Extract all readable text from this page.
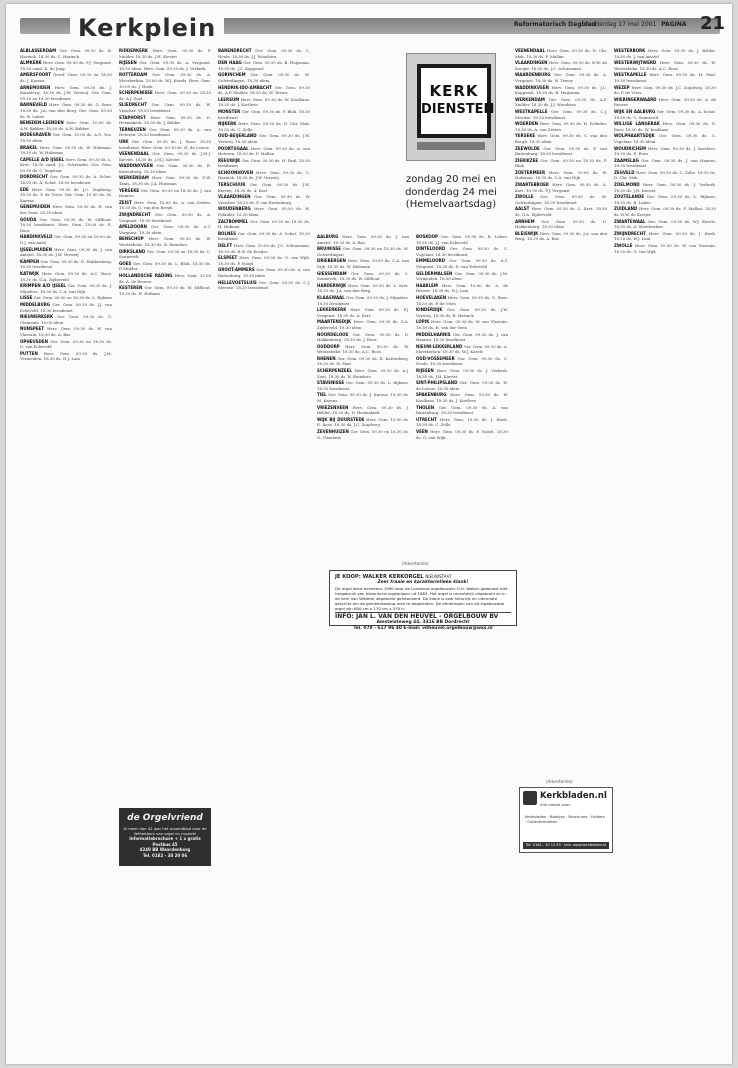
Kerkplein	Reformatorisch Dagblad
donderdag 17 mei 2001 PAGINA 21

ALBLASSERDAM Ger. Gem. 09.30 ds. B. Harinck. 18.30 ds. C. Harinck

ALMKERK Herv. Gem. 09.30 ds. P.J. Vergunst. 18.30 cand. K. de Jong

AMERSFOORT Geref. Gem. 09.30 en 18.30 ds. J. Karens

ARNEMUIDEN Herv. Gem. 09.30 ds. J. Kamsteeg. 18.30 ds. J.W. Verweij. Ger. Gem. 09.30 en 18.30 leesdienst

BARNEVELD Herv. Gem. 09.30 ds. G. Boer. 18.30 ds. J.A. van den Berg. Ger. Gem. 09.30 ds. B. Labee

BENEDEN-LEENDEN Herv. Gem. 10.00 ds. A.W. Bakker. 18.30 ds. A.W. Bakker

BODEGRAVEN Ger. Gem. 10.00 ds. A.G. Vos. 18.00 idem

BRAKEL Herv. Gem. 09.30 ds. W. Hulsman. 18.30 ds. W. Hulsman

CAPELLE A/D IJSSEL Herv. Gem. 09.30 ds. L. Kret. 18.30 cand. J.L. Schreuder. Ger. Gem. 09.30 ds. C. Vogelaar

DORDRECHT Ger. Gem. 09.30 ds. A. Schot. 14.00 ds. A. Schot. 18.00 leesdienst

EDE Herv. Gem. 09.30 ds. J.C. Zuijdweg. 18.30 ds. P. de Vries. Ger. Gem. 10.00 ds. M. Karens

GENEMUIDEN Herv. Gem. 09.30 ds. H. van der Veen. 18.30 idem

GOUDA Ger. Gem. 09.30 ds. W. Silfhout. 18.30 leesdienst. Herv. Gem. 10.00 ds. E. Roos

HARDINXVELD Ger. Gem. 09.30 en 18.00 ds. G.J. van Aalst

IJSSELMUIDEN Herv. Gem. 09.30 ds. J. van Amstel. 18.30 ds. J.W. Verweij

KAMPEN Ger. Gem. 09.30 ds. D. Hakkenberg. 18.30 leesdienst

KATWIJK Herv. Gem. 09.30 ds. A.C. Roos. 18.30 ds. G.A. Zijderveld

KRIMPEN A/D IJSSEL Ger. Gem. 09.30 ds. J. Mijnders. 18.30 ds. C.A. van Dijk

LISSE Ger. Gem. 09.30 en 18.30 ds. L. Rijksen

MIDDELBURG Ger. Gem. 09.30 ds. J.J. van Eckeveld. 18.30 leesdienst

NIEUWERKERK Ger. Gem. 09.30 ds. G. Clements. 18.00 idem

NUNSPEET Herv. Gem. 09.30 ds. W. van Vlastuin. 18.30 ds. A. Bas

OPHEUSDEN Ger. Gem. 09.30 en 18.30 ds. D. van Eckeveld

PUTTEN Herv. Gem. 09.30 ds. J.M. Vermeulen. 18.30 ds. H.J. Lam

RIDDERKERK Herv. Gem. 09.30 ds. P. Mulder. 18.30 ds. J.H. Kieviet

RIJSSEN Ger. Gem. 09.30 ds. A. Vergunst. 18.30 idem. Herv. Gem. 09.30 ds. J. Verkerk

ROTTERDAM Ger. Gem. 09.30 ds. A. Moerkerken. 18.00 ds. W.J. Karels. Herv. Gem. 10.00 ds. J. Hoek

SCHERPENISSE Herv. Gem. 09.30 en 18.30 ds. A.J. Zoet

SLIEDRECHT Ger. Gem. 09.30 ds. W. Visscher. 18.00 leesdienst

STAPHORST Herv. Gem. 09.30 ds. D. Heemskerk. 18.30 ds. J. Belder

TERNEUZEN Ger. Gem. 09.30 ds. A. van Heteren. 18.30 leesdienst

URK Ger. Gem. 09.30 ds. J. Roos. 18.30 leesdienst. Herv. Gem. 09.30 ds. H. de Leeuw

VEENENDAAL Ger. Gem. 09.30 ds. J.M.J. Kieviet. 18.30 ds. J.M.J. Kieviet

WADDINXVEEN Ger. Gem. 09.30 ds. R. Kattenberg. 18.30 idem

WERKENDAM Herv. Gem. 09.30 ds. D.W. Tanis. 18.30 ds. J.A. Huisman

YERSEKE Ger. Gem. 09.30 en 18.30 ds. J. van Haaren

ZEIST Herv. Gem. 10.00 ds. A. van Zetten. 18.30 ds. C. van den Bergh

ZWIJNDRECHT Ger. Gem. 09.30 ds. A. Vergunst. 18.30 leesdienst

APELDOORN Ger. Gem. 09.30 ds. A.T. Vergunst. 18.30 idem

BENSCHOP Herv. Gem. 09.30 ds. W. Westerbeke. 18.30 ds. B. Reinders

DIRKSLAND Ger. Gem. 09.30 en 18.30 ds. C. Sonnevelt

GOES Ger. Gem. 09.30 ds. L. Blok. 18.30 ds. P. Mulder

HOLLANDSCHE RADING Herv. Gem. 10.00 ds. A. de Reuver

KESTEREN Ger. Gem. 09.30 ds. W. Silfhout. 18.30 ds. H. Hofman

BARENDRECHT Ger. Gem. 09.30 ds. C. Neele. 18.30 ds. J.J. Woudstra

DEN HAAG Ger. Gem. 09.30 ds. B. Huijsman. 18.30 ds. J.C. Koppenol

GORINCHEM Ger. Gem. 09.30 ds. M. Golverdingen. 18.30 idem

HENDRIK-IDO-AMBACHT Ger. Gem. 09.30 ds. A.P. Mulder. 18.30 ds. W. Teeuw

LEERSUM Herv. Gem. 09.30 ds. W. Koolhaas. 18.30 ds. J. Kortleve

MONSTER Ger. Gem. 09.30 ds. P. Blok. 18.30 leesdienst

NIJKERK Herv. Gem. 09.30 ds. D. Chr. Mak. 18.30 ds. C. Zelle

OUD-BEIJERLAND Ger. Gem. 09.30 ds. J.W. Verweij. 18.30 idem

POORTUGAAL Herv. Gem. 09.30 ds. A. van Heteren. 18.30 ds. F. Mallan

REEUWIJK Ger. Gem. 09.30 ds. H. Paul. 18.30 leesdienst

SCHOONHOVEN Herv. Gem. 09.30 ds. C. Harinck. 18.30 ds. J.W. Verweij

TERSCHUUR Ger. Gem. 09.30 ds. J.H. Kieviet. 18.30 ds. A. Kort

VLAARDINGEN Ger. Gem. 09.30 ds. W. Visscher. 18.30 ds. P. van Ruitenburg

WOUDENBERG Herv. Gem. 09.30 ds. H. Polinder. 18.30 idem

ZALTBOMMEL Ger. Gem. 09.30 en 18.30 ds. H. Hofman

BOLNES Ger. Gem. 09.30 ds. A. Schot. 18.30 leesdienst

DELFT Herv. Gem. 10.00 ds. J.C. Schuurman. 18.30 ds. R.W. de Koeijer

ELSPEET Herv. Gem. 09.30 ds. G. van Wijk. 18.30 ds. P. Nobel

GROOT-AMMERS Ger. Gem. 09.30 ds. A. van Ruitenburg. 18.30 idem

HELLEVOETSLUIS Ger. Gem. 09.30 ds. C.J. Meeuse. 18.30 leesdienst

AALBURG Herv. Gem. 09.30 ds. J. van Amstel. 18.30 ds. A. Bas

BRUINISSE Ger. Gem. 09.30 en 18.30 ds. M. Golverdingen

DRIEBERGEN Herv. Gem. 10.00 ds. C.A. van Dijk. 18.30 ds. W. Hulsman

GIESSENDAM Ger. Gem. 09.30 ds. C. Sonnevelt. 18.30 ds. W. Silfhout

HARDERWIJK Herv. Gem. 09.30 ds. L. Kret. 18.30 ds. J.A. van den Berg

KLAASWAAL Ger. Gem. 09.30 ds. J. Mijnders. 18.30 leesdienst

LEKKERKERK Herv. Gem. 09.30 ds. P.J. Vergunst. 18.30 ds. A. Kort

MAARTENSDIJK Herv. Gem. 09.30 ds. G.A. Zijderveld. 18.30 idem

NOORDELOOS Ger. Gem. 09.30 ds. D. Hakkenberg. 18.30 ds. J. Roos

OUDDORP Herv. Gem. 09.30 ds. W. Westerbeke. 18.30 ds. A.C. Roos

RHENEN Ger. Gem. 09.30 ds. R. Kattenberg. 18.30 ds. H. Paul

SCHERPENZEEL Herv. Gem. 09.30 ds. A.J. Zoet. 18.30 ds. B. Reinders

STAVENISSE Ger. Gem. 09.30 ds. L. Rijksen. 18.30 leesdienst

TIEL Ger. Gem. 09.30 ds. J. Karens. 18.30 ds. M. Karens

VRIEZENVEEN Herv. Gem. 09.30 ds. J. Belder. 18.30 ds. D. Heemskerk

WIJK BIJ DUURSTEDE Herv. Gem. 10.00 ds. E. Roos. 18.30 ds. J.C. Zuijdweg

ZEVENHUIZEN Ger. Gem. 09.30 en 18.30 ds. G. Clements

BOSKOOP Ger. Gem. 09.30 ds. B. Labee. 18.30 ds. J.J. van Eckeveld

DINTELOORD Ger. Gem. 09.30 ds. C. Vogelaar. 18.30 leesdienst

EMMELOORD Ger. Gem. 09.30 ds. A.T. Vergunst. 18.30 ds. D. van Eckeveld

GELDERMALSEN Ger. Gem. 09.30 ds. J.M. Vermeulen. 18.30 idem

HAARLEM Herv. Gem. 10.00 ds. A. de Reuver. 18.30 ds. H.J. Lam

HOEVELAKEN Herv. Gem. 09.30 ds. G. Boer. 18.30 ds. P. de Vries

KINDERDIJK Ger. Gem. 09.30 ds. J.W. Verweij. 18.30 ds. B. Harinck

LOPIK Herv. Gem. 09.30 ds. W. van Vlastuin. 18.30 ds. H. van der Veen

MIDDELHARNIS Ger. Gem. 09.30 ds. J. van Haaren. 18.30 leesdienst

NIEUW-LEKKERLAND Ger. Gem. 09.30 ds. A. Moerkerken. 18.30 ds. W.J. Karels

OUD-VOSSEMEER Ger. Gem. 09.30 ds. C. Neele. 18.30 leesdienst

RIJSSEN Herv. Gem. 09.30 ds. J. Verkerk. 18.30 ds. J.H. Kieviet

SINT-PHILIPSLAND Ger. Gem. 09.30 ds. H. de Leeuw. 18.30 idem

SPAKENBURG Herv. Gem. 09.30 ds. W. Koolhaas. 18.30 ds. J. Kortleve

THOLEN Ger. Gem. 09.30 ds. A. van Ruitenburg. 18.30 leesdienst

UTRECHT Herv. Gem. 10.00 ds. J. Hoek. 18.30 ds. C. Zelle

VEEN Herv. Gem. 09.30 ds. P. Nobel. 18.30 ds. G. van Wijk

VEENENDAAL Herv. Gem. 09.30 ds. D. Chr. Mak. 18.30 ds. F. Mallan

VLAARDINGEN Herv. Gem. 09.30 ds. R.W. de Koeijer. 18.30 ds. J.C. Schuurman

WAARDENBURG Ger. Gem. 09.30 ds. A. Vergunst. 18.30 ds. W. Teeuw

WADDINXVEEN Herv. Gem. 09.30 ds. J.C. Koppenol. 18.30 ds. B. Huijsman

WERKENDAM Ger. Gem. 09.30 ds. A.P. Mulder. 18.30 ds. J.J. Woudstra

WESTKAPELLE Ger. Gem. 09.30 ds. C.J. Meeuse. 18.30 leesdienst

WOERDEN Herv. Gem. 09.30 ds. H. Polinder. 18.30 ds. A. van Zetten

YERSEKE Herv. Gem. 09.30 ds. C. van den Bergh. 18.30 idem

ZEEWOLDE Ger. Gem. 09.30 ds. P. van Ruitenburg. 18.30 leesdienst

ZIERIKZEE Ger. Gem. 09.30 en 18.30 ds. P. Blok

ZOETERMEER Herv. Gem. 10.00 ds. W. Hulsman. 18.30 ds. C.A. van Dijk

ZWARTEBROEK Herv. Gem. 09.30 ds. A. Kort. 18.30 ds. P.J. Vergunst

ZWOLLE Ger. Gem. 09.30 ds. M. Golverdingen. 18.30 leesdienst

AALST Herv. Gem. 09.30 ds. L. Kret. 18.30 ds. G.A. Zijderveld

ARNHEM Ger. Gem. 09.30 ds. D. Hakkenberg. 18.30 idem

BLEISWIJK Herv. Gem. 09.30 ds. J.A. van den Berg. 18.30 ds. A. Bas

WESTERBORK Herv. Gem. 09.30 ds. J. Belder. 18.30 ds. J. van Amstel

WESTERWIJTWERD Herv. Gem. 09.30 ds. W. Westerbeke. 18.30 ds. A.C. Roos

WESTKAPELLE Herv. Gem. 09.30 ds. H. Paul. 18.30 leesdienst

WEZEP Herv. Gem. 09.30 ds. J.C. Zuijdweg. 18.30 ds. P. de Vries

WIERINGERWAARD Herv. Gem. 10.00 ds. A. de Reuver

WIJK EN AALBURG Ger. Gem. 09.30 ds. A. Schot. 18.30 ds. C. Sonnevelt

WILLIGE LANGERAK Herv. Gem. 09.30 ds. G. Boer. 18.30 ds. W. Koolhaas

WOLPHAARTSDIJK Ger. Gem. 09.30 ds. C. Vogelaar. 18.30 idem

WOUDRICHEM Herv. Gem. 09.30 ds. J. Kortleve. 18.30 ds. E. Roos

ZAAMSLAG Ger. Gem. 09.30 ds. J. van Haaren. 18.30 leesdienst

ZEGVELD Herv. Gem. 09.30 ds. C. Zelle. 18.30 ds. D. Chr. Mak

ZOELMOND Herv. Gem. 09.30 ds. J. Verkerk. 18.30 ds. J.H. Kieviet

ZOUTELANDE Ger. Gem. 09.30 ds. L. Rijksen. 18.30 ds. B. Labee

ZUIDLAND Herv. Gem. 09.30 ds. F. Mallan. 18.30 ds. R.W. de Koeijer

ZWARTEWAAL Ger. Gem. 09.30 ds. W.J. Karels. 18.30 ds. A. Moerkerken

ZWIJNDRECHT Herv. Gem. 09.30 ds. J. Hoek. 18.30 ds. H.J. Lam

ZWOLLE Herv. Gem. 10.00 ds. W. van Vlastuin. 18.30 ds. G. van Wijk

KERK
DIENSTEN
zondag 20 mei en
donderdag 24 mei
(Hemelvaartsdag)
(Advertentie)
JE KOOP: WALKER KERKORGEL NIEUWSTAAT
Zeer fraaie en karakteristieke klank!
Dit orgel werd eveneens 1990 door de Londense orgelbouwer G.H. Walker gebouwd met hergebruik van historische orgelpijpen uit 1883. Het orgel is recentelijk uitgebreid en in de kerk van Wittelte uitgebreid geïntoneerd. De klank is zeer kleurrijk en uitermate geschikt om de gemeentezang mee te begeleiden. De afmetingen van dit ingebouwde orgel zijn 600 cm x 170 cm x 370 h.
INFO: JAN L. VAN DEN HEUVEL - ORGELBOUW BV
Amstelsteweg 44, 3316 BB Dordrecht
Tel. 078 - 617 96 40 E-mail: vdheuvel.orgelbouw@wxs.nl
de Orgelvriend
Al meer dan 42 jaar het maandblad voor de liefhebbers van orgel en muziek!
Informatiebrochure + 1 x gratis
Postbus 45
4240 BB Waardenburg
Tel. 0182 - 38 20 06
(Advertentie)
Kerkbladen.nl
Alle media voor:
Kerkbladen · Boekjes · Brochures · Folders · Collectemunten
Tel. 0182 - 30 12 63 · Info: www.kerkbladen.nl
